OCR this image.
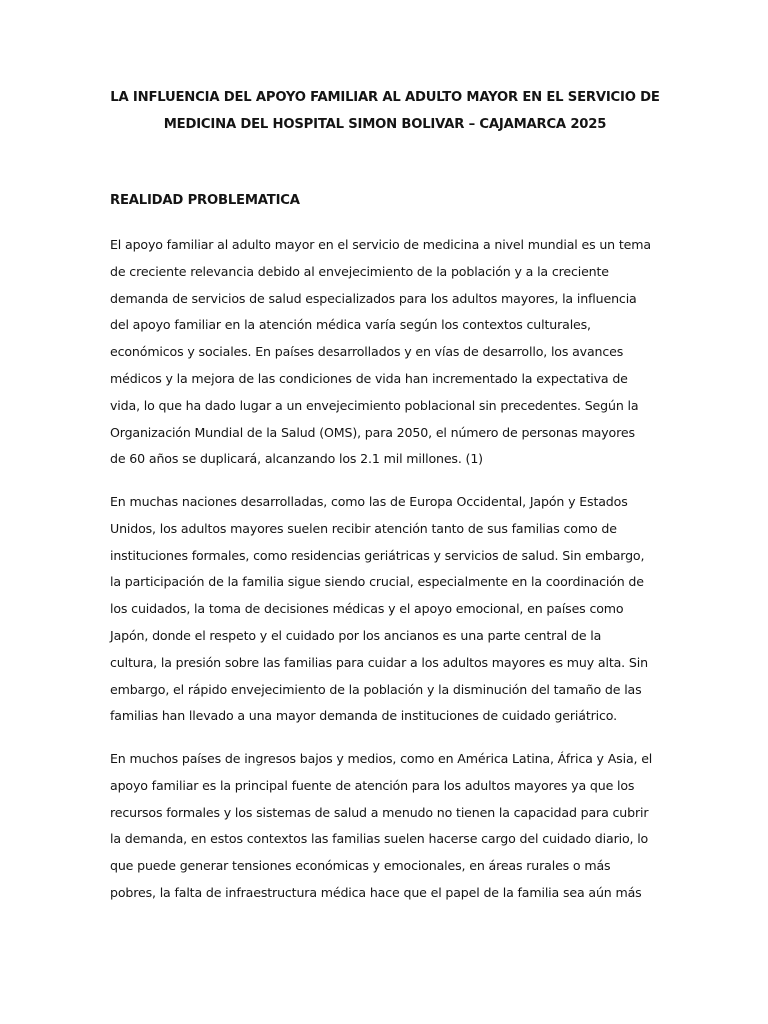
LA INFLUENCIA DEL APOYO FAMILIAR AL ADULTO MAYOR EN EL SERVICIO DE
MEDICINA DEL HOSPITAL SIMON BOLIVAR – CAJAMARCA 2025
REALIDAD PROBLEMATICA
El apoyo familiar al adulto mayor en el servicio de medicina a nivel mundial es un tema
de creciente relevancia debido al envejecimiento de la población y a la creciente
demanda de servicios de salud especializados para los adultos mayores, la influencia
del apoyo familiar en la atención médica varía según los contextos culturales,
económicos y sociales. En países desarrollados y en vías de desarrollo, los avances
médicos y la mejora de las condiciones de vida han incrementado la expectativa de
vida, lo que ha dado lugar a un envejecimiento poblacional sin precedentes. Según la
Organización Mundial de la Salud (OMS), para 2050, el número de personas mayores
de 60 años se duplicará, alcanzando los 2.1 mil millones. (1)
En muchas naciones desarrolladas, como las de Europa Occidental, Japón y Estados
Unidos, los adultos mayores suelen recibir atención tanto de sus familias como de
instituciones formales, como residencias geriátricas y servicios de salud. Sin embargo,
la participación de la familia sigue siendo crucial, especialmente en la coordinación de
los cuidados, la toma de decisiones médicas y el apoyo emocional, en países como
Japón, donde el respeto y el cuidado por los ancianos es una parte central de la
cultura, la presión sobre las familias para cuidar a los adultos mayores es muy alta. Sin
embargo, el rápido envejecimiento de la población y la disminución del tamaño de las
familias han llevado a una mayor demanda de instituciones de cuidado geriátrico.
En muchos países de ingresos bajos y medios, como en América Latina, África y Asia, el
apoyo familiar es la principal fuente de atención para los adultos mayores ya que los
recursos formales y los sistemas de salud a menudo no tienen la capacidad para cubrir
la demanda, en estos contextos las familias suelen hacerse cargo del cuidado diario, lo
que puede generar tensiones económicas y emocionales, en áreas rurales o más
pobres, la falta de infraestructura médica hace que el papel de la familia sea aún más
